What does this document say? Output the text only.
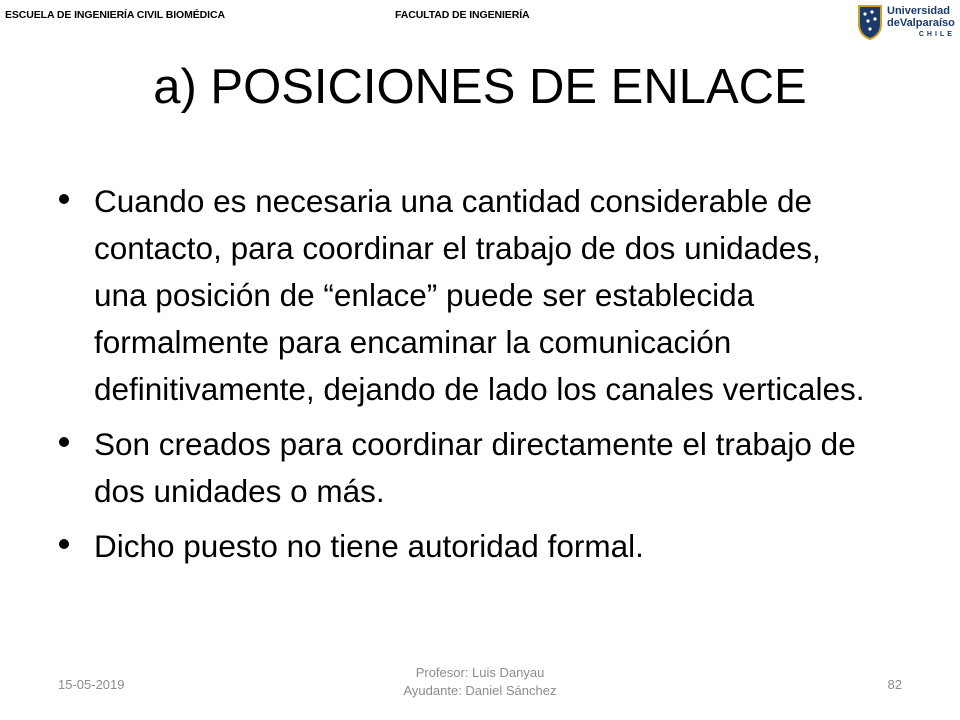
ESCUELA DE INGENIERÍA CIVIL BIOMÉDICA	FACULTAD DE INGENIERÍA	Universidad
deValparaíso
CHILE
a) POSICIONES DE ENLACE
Cuando es necesaria una cantidad considerable de contacto, para coordinar el trabajo de dos unidades, una posición de “enlace” puede ser establecida formalmente para encaminar la comunicación definitivamente, dejando de lado los canales verticales.
Son creados para coordinar directamente el trabajo de dos unidades o más.
Dicho puesto no tiene autoridad formal.
15-05-2019
Profesor: Luis Danyau
Ayudante: Daniel Sánchez	82
